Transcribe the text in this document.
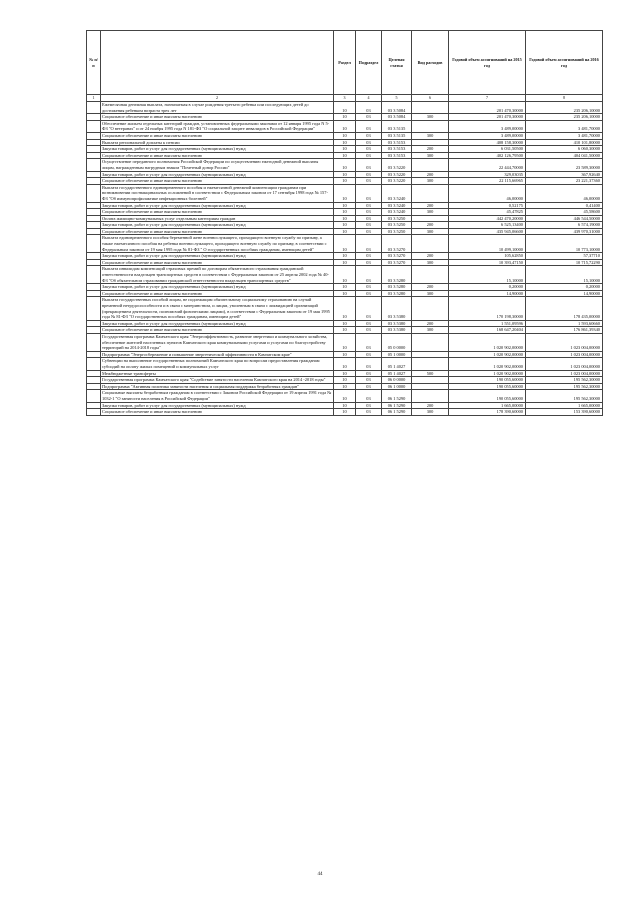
№ п/п		Раздел	Подраздел	Целевая статья	Вид расходов	Годовой объем ассигнований на 2015 год	Годовой объем ассигнований на 2016 год
1	2	3	4	5	6	7	8
	Ежемесячная денежная выплата, назначаемая в случае рождения третьего ребенка или последующих детей до достижения ребенком возраста трех лет	10	03	03 3 5084		201 470,30000	235 206,10000
	Социальное обеспечение и иные выплаты населению	10	03	03 3 5084	300	201 470,30000	235 206,10000
	Обеспечение жильем отдельных категорий граждан, установленных федеральными законами от 12 января 1995 года N 5-ФЗ "О ветеранах" и от 24 ноября 1995 года N 181-ФЗ "О социальной защите инвалидов в Российской Федерации"	10	03	03 3 5135		3 489,00000	3 481,70000
	Социальное обеспечение и иные выплаты населению	10	03	03 3 5135	300	3 489,00000	3 481,70000
	Выплата региональной доплаты к пенсии	10	03	03 3 5153		408 158,30000	410 101,80000
	Закупка товаров, работ и услуг для государственных (муниципальных) нужд	10	03	03 3 5153	200	6 031,50500	6 060,30000
	Социальное обеспечение и иные выплаты населению	10	03	03 3 5153	300	402 126,79500	404 041,50000
	Осуществление переданного полномочия Российской Федерации по осуществлению ежегодной денежной выплаты лицам, награжденным нагрудным знаком "Почетный донор России"	10	03	03 3 5220		22 444,70000	23 589,30000
	Закупка товаров, работ и услуг для государственных (муниципальных) нужд	10	03	03 3 5220	200	329,03035	367,92640
	Социальное обеспечение и иные выплаты населению	10	03	03 3 5220	300	22 115,66965	23 221,37360
	Выплата государственного единовременного пособия и ежемесячной денежной компенсации гражданам при возникновении поствакцинальных осложнений в соответствии с Федеральным законом от 17 сентября 1998 года № 157-ФЗ "Об иммунопрофилактике инфекционных болезней"	10	03	03 3 5240		46,00000	46,00000
	Закупка товаров, работ и услуг для государственных (муниципальных) нужд	10	03	03 3 5240	200	0,52175	0,41400
	Социальное обеспечение и иные выплаты населению	10	03	03 3 5240	300	45,47825	45,58600
	Оплата жилищно-коммунальных услуг отдельным категориям граждан	10	03	03 3 5250		442 470,20000	446 544,50000
	Закупка товаров, работ и услуг для государственных (муниципальных) нужд	10	03	03 3 5250	200	6 525,13400	6 574,19000
	Социальное обеспечение и иные выплаты населению	10	03	03 3 5250	300	435 945,06600	439 970,31000
	Выплата единовременного пособия беременной жене военнослужащего, проходящего военную службу по призыву, а также ежемесячного пособия на ребенка военнослужащего, проходящего военную службу по призыву, в соответствии с Федеральным законом от 19 мая 1995 года № 81-ФЗ " О государственных пособиях гражданам, имеющим детей"	10	03	03 3 5270		10 499,10000	10 773,10000
	Закупка товаров, работ и услуг для государственных (муниципальных) нужд	10	03	03 3 5270	200	105,62850	57,37710
	Социальное обеспечение и иные выплаты населению	10	03	03 3 5270	300	10 393,47150	10 715,72290
	Выплата инвалидам компенсаций страховых премий по договорам обязательного страхования гражданской ответственности владельцев транспортных средств в соответствии с Федеральным законом от 25 апреля 2002 года № 40-ФЗ "Об обязательном страховании гражданской ответственности владельцев транспортных средств"	10	03	03 3 5280		15,10000	15,10000
	Закупка товаров, работ и услуг для государственных (муниципальных) нужд	10	03	03 3 5280	200	0,20000	0,20000
	Социальное обеспечение и иные выплаты населению	10	03	03 3 5280	300	14,90000	14,90000
	Выплата государственных пособий лицам, не подлежащим обязательному социальному страхованию на случай временной нетрудоспособности и в связи с материнством, и лицам, уволенным в связи с ликвидацией организаций (прекращением деятельности, полномочий физическими лицами), в соответствии с Федеральным законом от 19 мая 1995 года № 81-ФЗ "О государственных пособиях гражданам, имеющим детей"	10	03	03 3 5380		170 198,30000	178 435,00000
	Закупка товаров, работ и услуг для государственных (муниципальных) нужд	10	03	03 3 5380	200	1 551,09596	1 593,60660
	Социальное обеспечение и иные выплаты населению	10	03	03 3 5380	300	168 647,20404	176 861,39340
	Государственная программа Камчатского края "Энергоэффективность, развитие энергетики и коммунального хозяйства, обеспечение жителей населенных пунктов Камчатского края коммунальными услугами и услугами по благоустройству территорий на 2014-2018 годы"	10	03	05 0 0000		1 020 902,00000	1 023 004,00000
	Подпрограмма "Энергосбережение и повышение энергетической эффективности в Камчатском крае"	10	03	05 1 0000		1 020 902,00000	1 023 004,00000
	Субвенции на выполнение государственных полномочий Камчатского края по вопросам предоставления гражданам субсидий на оплату жилых помещений и коммунальных услуг	10	03	05 1 4027		1 020 902,00000	1 023 004,00000
	Межбюджетные трансферты	10	03	05 1 4027	500	1 020 902,00000	1 023 004,00000
	Государственная программа Камчатского края "Содействие занятости населения Камчатского края на 2014 -2018 годы"	10	03	06 0 0000		190 055,60000	195 562,30000
	Подпрограмма "Активная политика занятости населения и социальная поддержка безработных граждан"	10	03	06 1 0000		190 055,60000	195 562,30000
	Социальные выплаты безработным гражданам в соответствии с Законом Российской Федерации от 19 апреля 1991 года № 1032-1 "О занятости населения в Российской Федерации"	10	03	06 1 5290		190 055,60000	195 562,30000
	Закупка товаров, работ и услуг для государственных (муниципальных) нужд	10	03	06 1 5290	200	1 665,00000	1 665,00000
	Социальное обеспечение и иные выплаты населению	10	03	06 1 5290	300	178 390,60000	153 390,60000
44
